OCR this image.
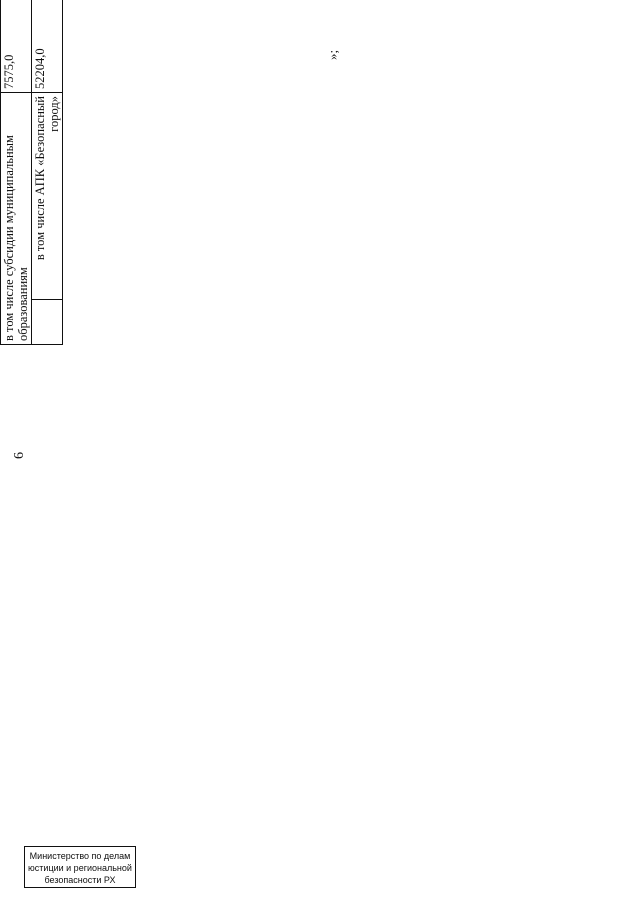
6

в том числе субсидии муниципальным образованиям		7575,0				
	в том числе АПК «Безопасный город»	52204,0					»;
Министерство по делам юстиции и региональной безопасности РХ
